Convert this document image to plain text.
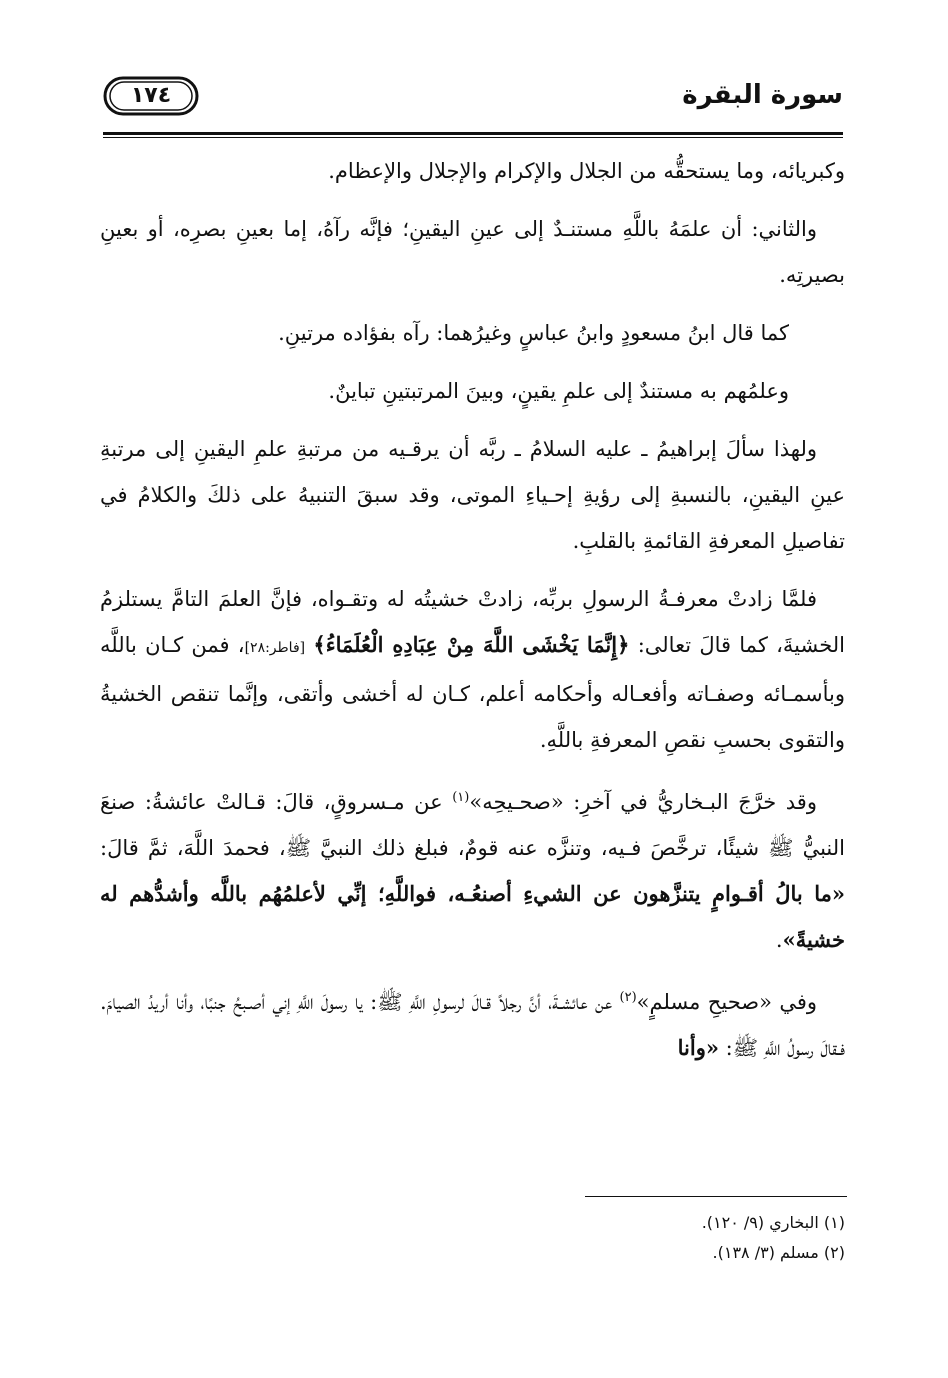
١٧٤	سورة البقرة

وكبريائه، وما يستحقُّه من الجلال والإكرام والإجلال والإعظام.

والثاني: أن علمَهُ باللَّهِ مستنـدٌ إلى عينِ اليقينِ؛ فإنَّه رآهُ، إما بعينِ بصرِه، أو بعينِ بصيرتِه.

كما قال ابنُ مسعودٍ وابنُ عباسٍ وغيرُهما: رآه بفؤاده مرتينِ.

وعلمُهم به مستندٌ إلى علمِ يقينٍ، وبينَ المرتبتينِ تباينٌ.

ولهذا سألَ إبراهيمُ ـ عليه السلامُ ـ ربَّه أن يرقـيه من مرتبةِ علمِ اليقينِ إلى مرتبةِ عينِ اليقينِ، بالنسبةِ إلى رؤيةِ إحـياءِ الموتى، وقد سبقَ التنبيهُ على ذلكَ والكلامُ في تفاصيلِ المعرفةِ القائمةِ بالقلبِ.

فلمَّا زادتْ معرفـةُ الرسولِ بربِّه، زادتْ خشيتُه له وتقـواه، فإنَّ العلمَ التامَّ يستلزمُ الخشيةَ، كما قالَ تعالى: ﴿إِنَّمَا يَخْشَى اللَّهَ مِنْ عِبَادِهِ الْعُلَمَاءُ﴾ [فاطر:٢٨]، فمن كـان باللَّه وبأسمـائه وصفـاته وأفعـاله وأحكامه أعلم، كـان له أخشى وأتقى، وإنَّما تنقص الخشيةُ والتقوى بحسبِ نقصِ المعرفةِ باللَّهِ.

وقد خرَّجَ البـخاريُّ في آخرِ: «صحـيحِه»$^{(١)}$ عن مـسروقٍ، قالَ: قـالتْ عائشةُ: صنعَ النبيُّ ﷺ شيئًا، ترخَّصَ فـيه، وتنزَّه عنه قومٌ، فبلغ ذلك النبيَّ ﷺ، فحمدَ اللَّهَ، ثمَّ قالَ: «ما بالُ أقـوامٍ يتنزَّهون عن الشيءِ أصنعُـه، فواللَّهِ؛ إنِّي لأعلمُهُم باللَّه وأشدُّهم له خشيةً».

وفي «صحيحِ مسلمٍ»$^{(٢)}$ عن عائشـةَ، أنَّ رجلاً قـالَ لرسولِ اللَّهِ ﷺ: يا رسولَ اللَّهِ إني أصـبحُ جنبًا، وأنا أريدُ الصيامَ. فـقالَ رسولُ اللَّهِ ﷺ: «وأنا

(١) البخاري (٩/ ١٢٠).

(٢) مسلم (٣/ ١٣٨).
